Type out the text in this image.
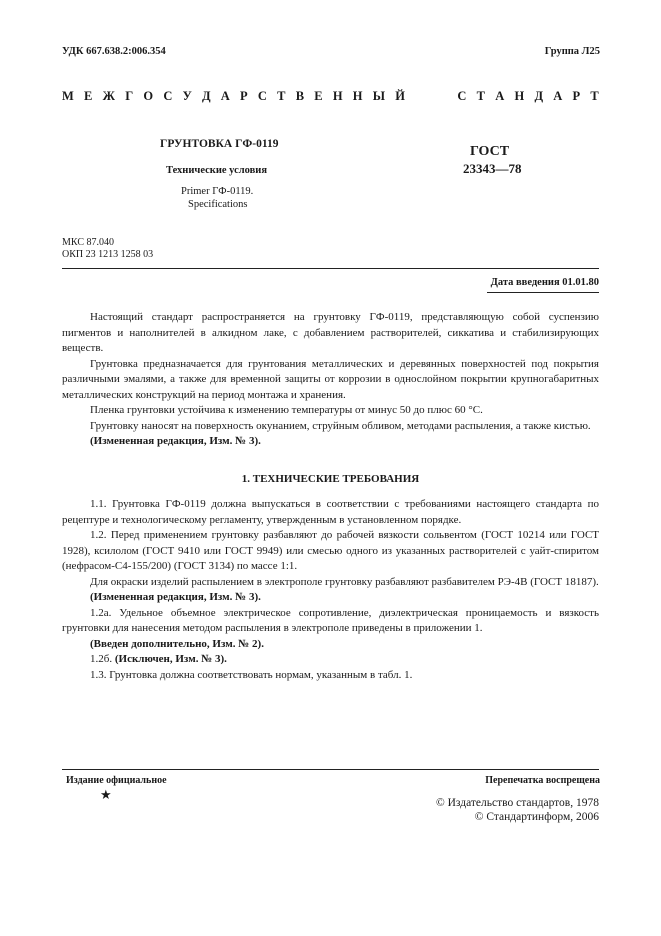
УДК 667.638.2:006.354	Группа Л25
М Е Ж Г О С У Д А Р С Т В Е Н Н Ы Й	С Т А Н Д А Р Т
ГРУНТОВКА ГФ-0119
Технические условия
Primer ГФ-0119.
Specifications
ГОСТ
23343—78
МКС 87.040
ОКП 23 1213 1258 03
Дата введения 01.01.80

Настоящий стандарт распространяется на грунтовку ГФ-0119, представляющую собой суспензию пигментов и наполнителей в алкидном лаке, с добавлением растворителей, сиккатива и стабилизирующих веществ.

Грунтовка предназначается для грунтования металлических и деревянных поверхностей под покрытия различными эмалями, а также для временной защиты от коррозии в однослойном покрытии крупногабаритных металлических конструкций на период монтажа и хранения.

Пленка грунтовки устойчива к изменению температуры от минус 50 до плюс 60 °С.

Грунтовку наносят на поверхность окунанием, струйным обливом, методами распыления, а также кистью.

(Измененная редакция, Изм. № 3).

1. ТЕХНИЧЕСКИЕ ТРЕБОВАНИЯ

1.1. Грунтовка ГФ-0119 должна выпускаться в соответствии с требованиями настоящего стандарта по рецептуре и технологическому регламенту, утвержденным в установленном порядке.

1.2. Перед применением грунтовку разбавляют до рабочей вязкости сольвентом (ГОСТ 10214 или ГОСТ 1928), ксилолом (ГОСТ 9410 или ГОСТ 9949) или смесью одного из указанных растворителей с уайт-спиритом (нефрасом-С4-155/200) (ГОСТ 3134) по массе 1:1.

Для окраски изделий распылением в электрополе грунтовку разбавляют разбавителем РЭ-4В (ГОСТ 18187).

(Измененная редакция, Изм. № 3).

1.2а. Удельное объемное электрическое сопротивление, диэлектрическая проницаемость и вязкость грунтовки для нанесения методом распыления в электрополе приведены в приложении 1.

(Введен дополнительно, Изм. № 2).

1.2б. (Исключен, Изм. № 3).

1.3. Грунтовка должна соответствовать нормам, указанным в табл. 1.

Издание официальное	Перепечатка воспрещена
★
© Издательство стандартов, 1978
© Стандартинформ, 2006
